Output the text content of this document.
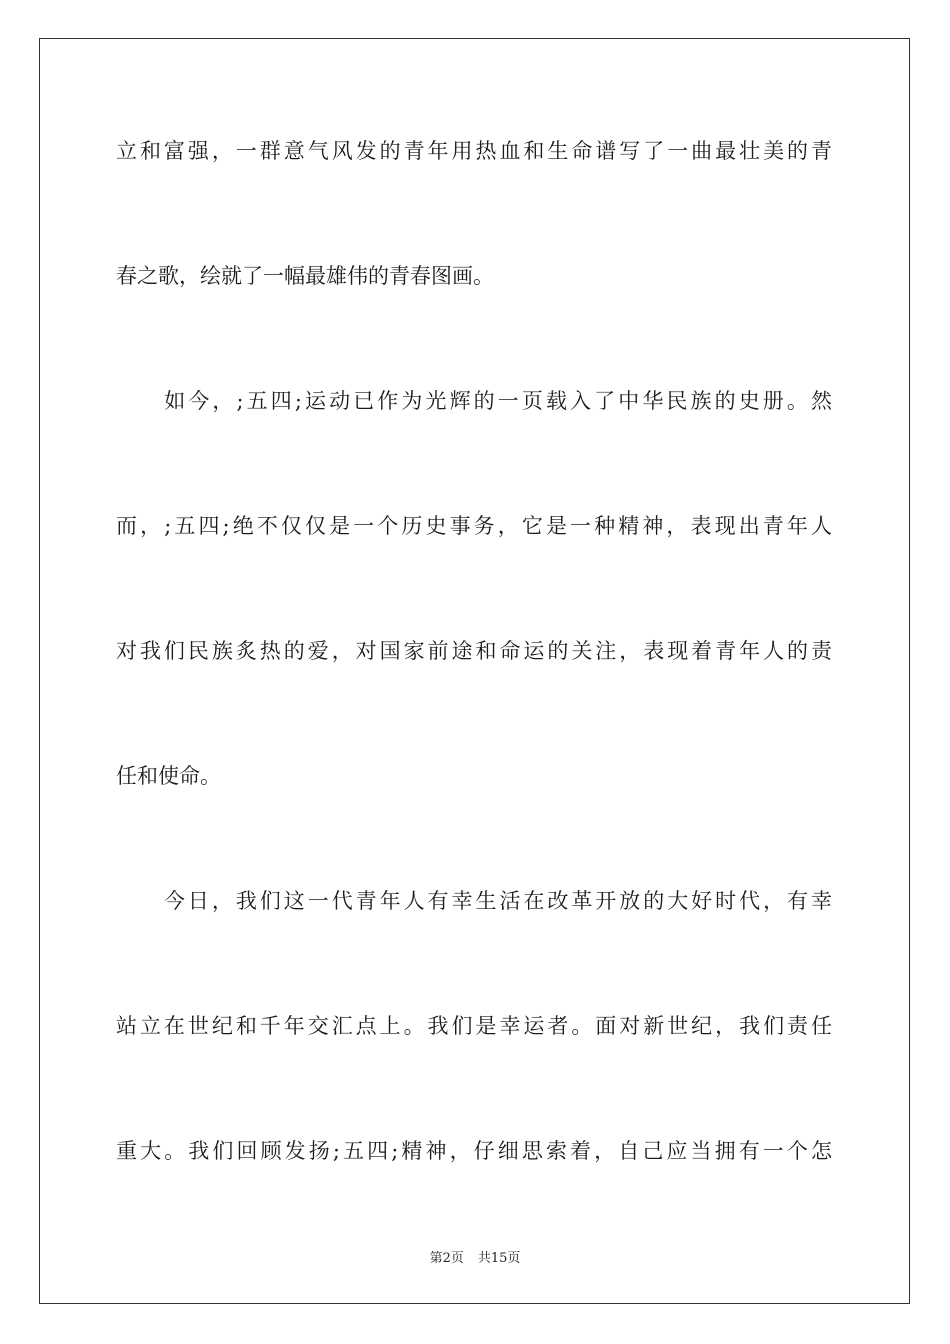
立和富强，一群意气风发的青年用热血和生命谱写了一曲最壮美的青
春之歌，绘就了一幅最雄伟的青春图画。
　　如今，;五四;运动已作为光辉的一页载入了中华民族的史册。然
而，;五四;绝不仅仅是一个历史事务，它是一种精神，表现出青年人
对我们民族炙热的爱，对国家前途和命运的关注，表现着青年人的责
任和使命。
　　今日，我们这一代青年人有幸生活在改革开放的大好时代，有幸
站立在世纪和千年交汇点上。我们是幸运者。面对新世纪，我们责任
重大。我们回顾发扬;五四;精神，仔细思索着，自己应当拥有一个怎
第2页 共15页
